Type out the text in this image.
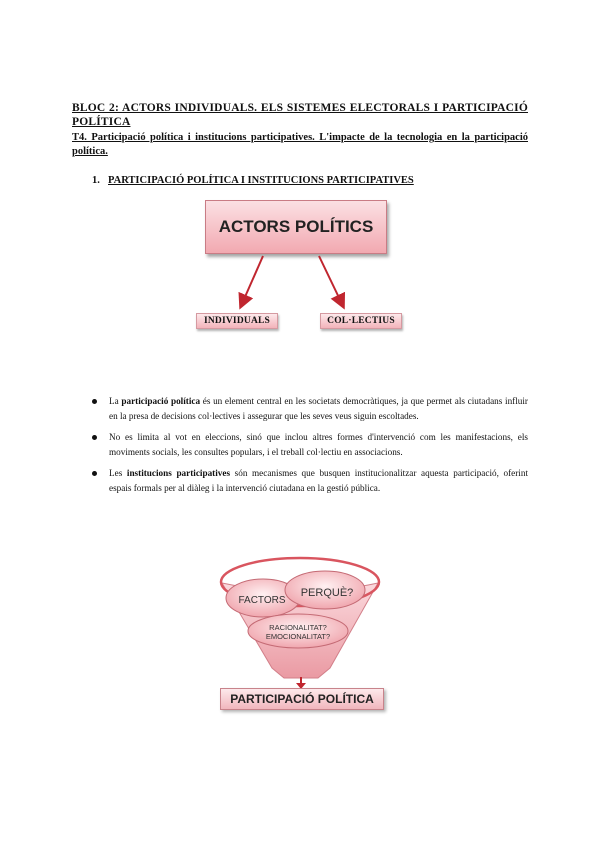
BLOC 2: ACTORS INDIVIDUALS. ELS SISTEMES ELECTORALS I PARTICIPACIÓ POLÍTICA
T4. Participació política i institucions participatives. L'impacte de la tecnologia en la participació política.
1. PARTICIPACIÓ POLÍTICA I INSTITUCIONS PARTICIPATIVES
ACTORS POLÍTICS
INDIVIDUALS	COL·LECTIUS
La participació política és un element central en les societats democràtiques, ja que permet als ciutadans influir en la presa de decisions col·lectives i assegurar que les seves veus siguin escoltades.
No es limita al vot en eleccions, sinó que inclou altres formes d'intervenció com les manifestacions, els moviments socials, les consultes populars, i el treball col·lectiu en associacions.
Les institucions participatives són mecanismes que busquen institucionalitzar aquesta participació, oferint espais formals per al diàleg i la intervenció ciutadana en la gestió pública.
FACTORS
PERQUÈ?
RACIONALITAT?
EMOCIONALITAT?
PARTICIPACIÓ POLÍTICA
